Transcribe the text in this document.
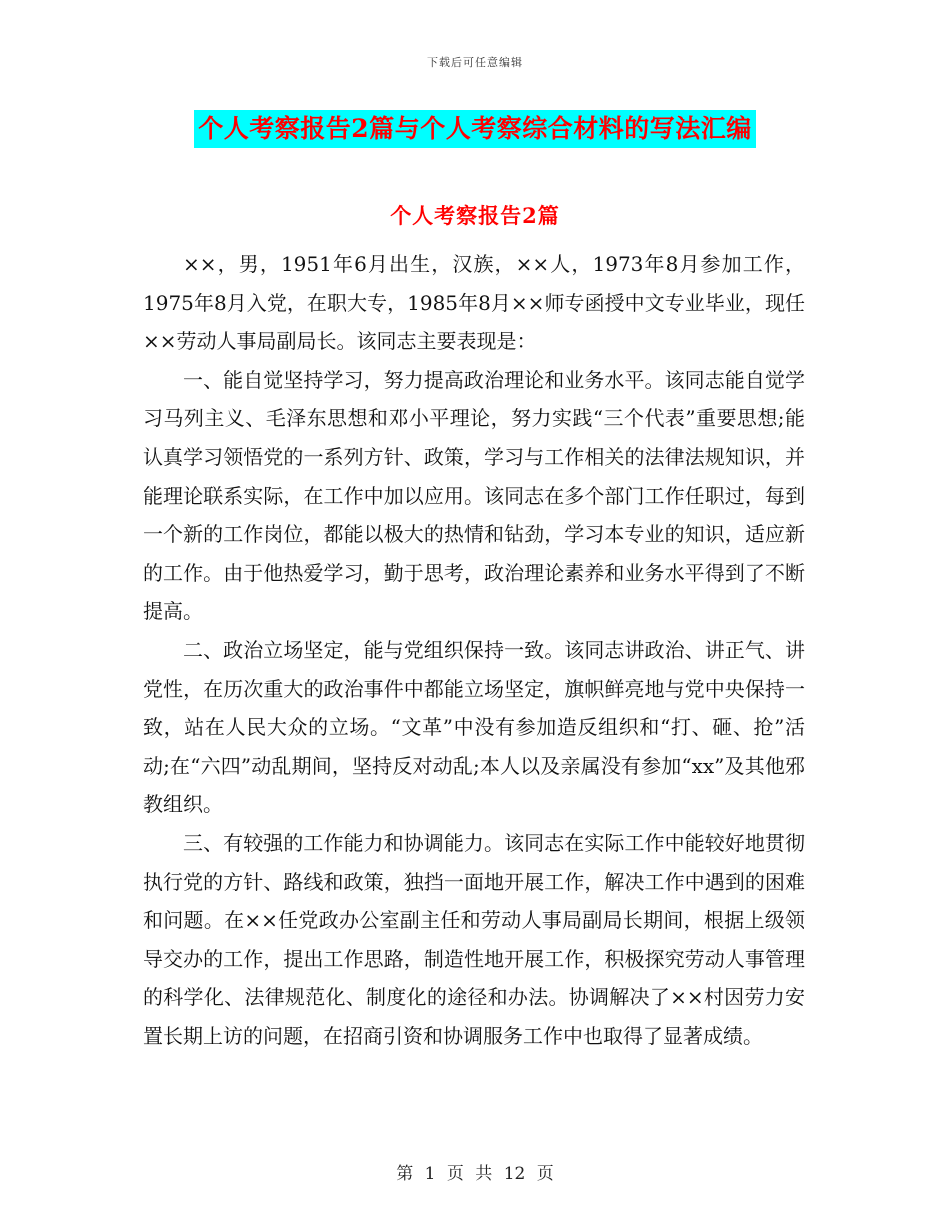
下载后可任意编辑
个人考察报告2篇与个人考察综合材料的写法汇编
个人考察报告2篇

××，男，1951年6月出生，汉族，××人，1973年8月参加工作，1975年8月入党，在职大专，1985年8月××师专函授中文专业毕业，现任××劳动人事局副局长。该同志主要表现是：

一、能自觉坚持学习，努力提高政治理论和业务水平。该同志能自觉学习马列主义、毛泽东思想和邓小平理论，努力实践“三个代表”重要思想;能认真学习领悟党的一系列方针、政策，学习与工作相关的法律法规知识，并能理论联系实际，在工作中加以应用。该同志在多个部门工作任职过，每到一个新的工作岗位，都能以极大的热情和钻劲，学习本专业的知识，适应新的工作。由于他热爱学习，勤于思考，政治理论素养和业务水平得到了不断提高。

二、政治立场坚定，能与党组织保持一致。该同志讲政治、讲正气、讲党性，在历次重大的政治事件中都能立场坚定，旗帜鲜亮地与党中央保持一致，站在人民大众的立场。“文革”中没有参加造反组织和“打、砸、抢”活动;在“六四”动乱期间，坚持反对动乱;本人以及亲属没有参加“xx”及其他邪教组织。

三、有较强的工作能力和协调能力。该同志在实际工作中能较好地贯彻执行党的方针、路线和政策，独挡一面地开展工作，解决工作中遇到的困难和问题。在××任党政办公室副主任和劳动人事局副局长期间，根据上级领导交办的工作，提出工作思路，制造性地开展工作，积极探究劳动人事管理的科学化、法律规范化、制度化的途径和办法。协调解决了××村因劳力安置长期上访的问题，在招商引资和协调服务工作中也取得了显著成绩。

第 1 页 共 12 页
